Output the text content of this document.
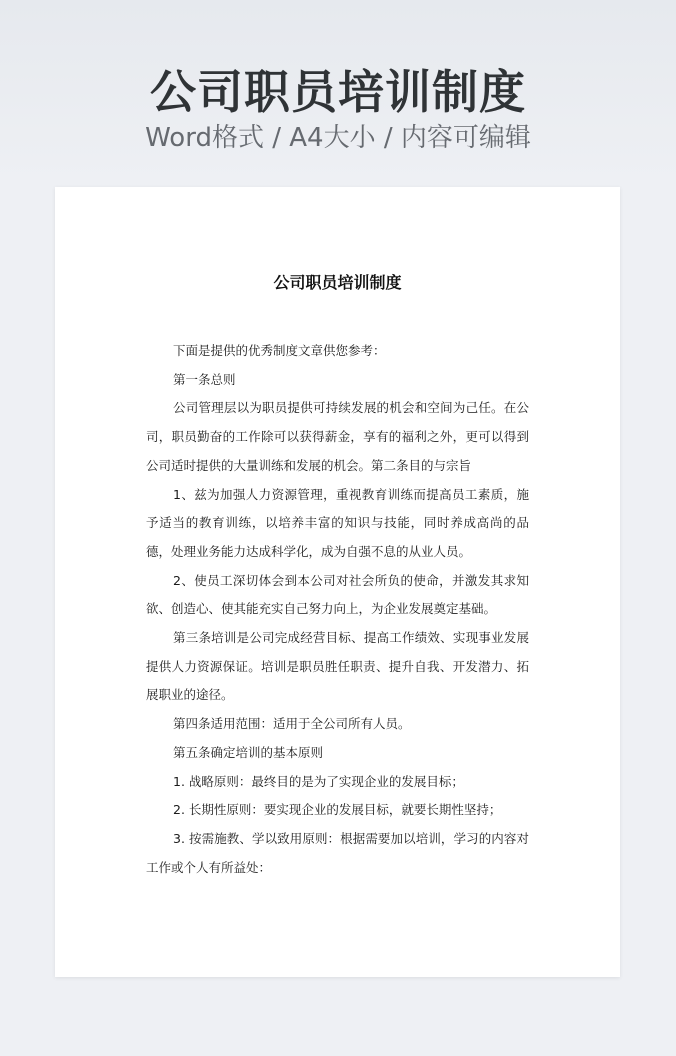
公司职员培训制度
Word格式 / A4大小 / 内容可编辑
公司职员培训制度

下面是提供的优秀制度文章供您参考：

第一条总则

公司管理层以为职员提供可持续发展的机会和空间为己任。在公司，职员勤奋的工作除可以获得薪金，享有的福利之外，更可以得到公司适时提供的大量训练和发展的机会。第二条目的与宗旨

1、兹为加强人力资源管理，重视教育训练而提高员工素质，施予适当的教育训练，以培养丰富的知识与技能，同时养成高尚的品德，处理业务能力达成科学化，成为自强不息的从业人员。

2、使员工深切体会到本公司对社会所负的使命，并激发其求知欲、创造心、使其能充实自己努力向上，为企业发展奠定基础。

第三条培训是公司完成经营目标、提高工作绩效、实现事业发展提供人力资源保证。培训是职员胜任职责、提升自我、开发潜力、拓展职业的途径。

第四条适用范围：适用于全公司所有人员。

第五条确定培训的基本原则

1. 战略原则：最终目的是为了实现企业的发展目标；

2. 长期性原则：要实现企业的发展目标，就要长期性坚持；

3. 按需施教、学以致用原则：根据需要加以培训，学习的内容对工作或个人有所益处：
